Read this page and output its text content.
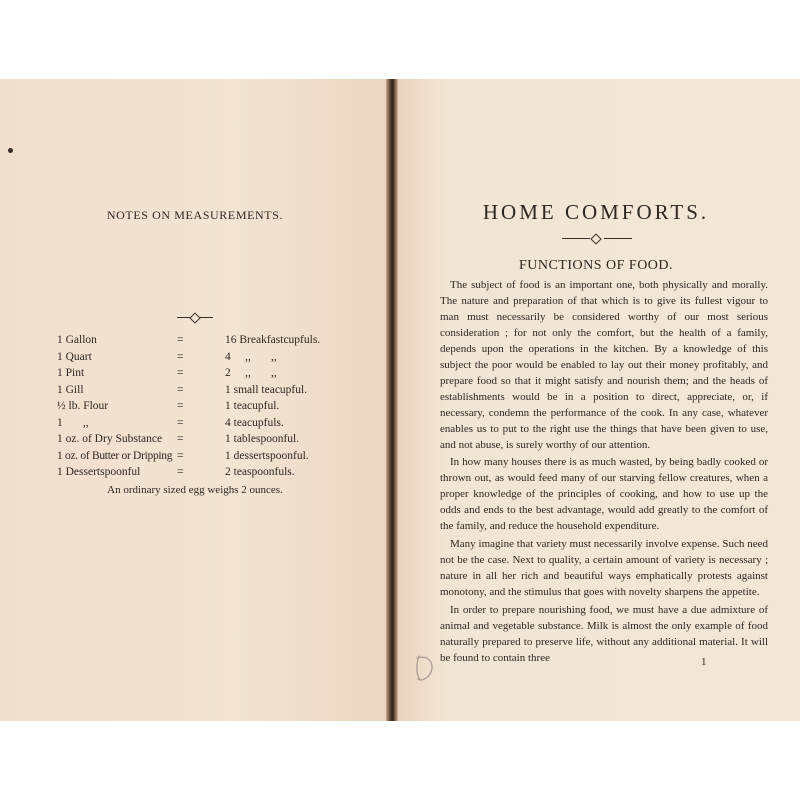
NOTES ON MEASUREMENTS.
1 Gallon	=	16 Breakfastcupfuls.
1 Quart	=	4     ,,       ,,
1 Pint	=	2     ,,       ,,
1 Gill	=	1 small teacupful.
½ lb. Flour	=	1 teacupful.
1       ,,	=	4 teacupfuls.
1 oz. of Dry Substance =	1 tablespoonful.
1 oz. of Butter or Dripping =	1 dessertspoonful.
1 Dessertspoonful	=	2 teaspoonfuls.
An ordinary sized egg weighs 2 ounces.
HOME COMFORTS.
FUNCTIONS OF FOOD.

The subject of food is an important one, both physically and morally. The nature and preparation of that which is to give its fullest vigour to man must necessarily be considered worthy of our most serious consideration ; for not only the comfort, but the health of a family, depends upon the operations in the kitchen. By a knowledge of this subject the poor would be enabled to lay out their money profitably, and prepare food so that it might satisfy and nourish them; and the heads of establishments would be in a position to direct, appreciate, or, if necessary, condemn the performance of the cook. In any case, whatever enables us to put to the right use the things that have been given to use, and not abuse, is surely worthy of our attention.

In how many houses there is as much wasted, by being badly cooked or thrown out, as would feed many of our starving fellow creatures, when a proper knowledge of the principles of cooking, and how to use up the odds and ends to the best advantage, would add greatly to the comfort of the family, and reduce the household expenditure.

Many imagine that variety must necessarily involve expense. Such need not be the case. Next to quality, a certain amount of variety is necessary ; nature in all her rich and beautiful ways emphatically protests against monotony, and the stimulus that goes with novelty sharpens the appetite.

In order to prepare nourishing food, we must have a due admixture of animal and vegetable substance. Milk is almost the only example of food naturally prepared to preserve life, without any additional material. It will be found to contain three	1
